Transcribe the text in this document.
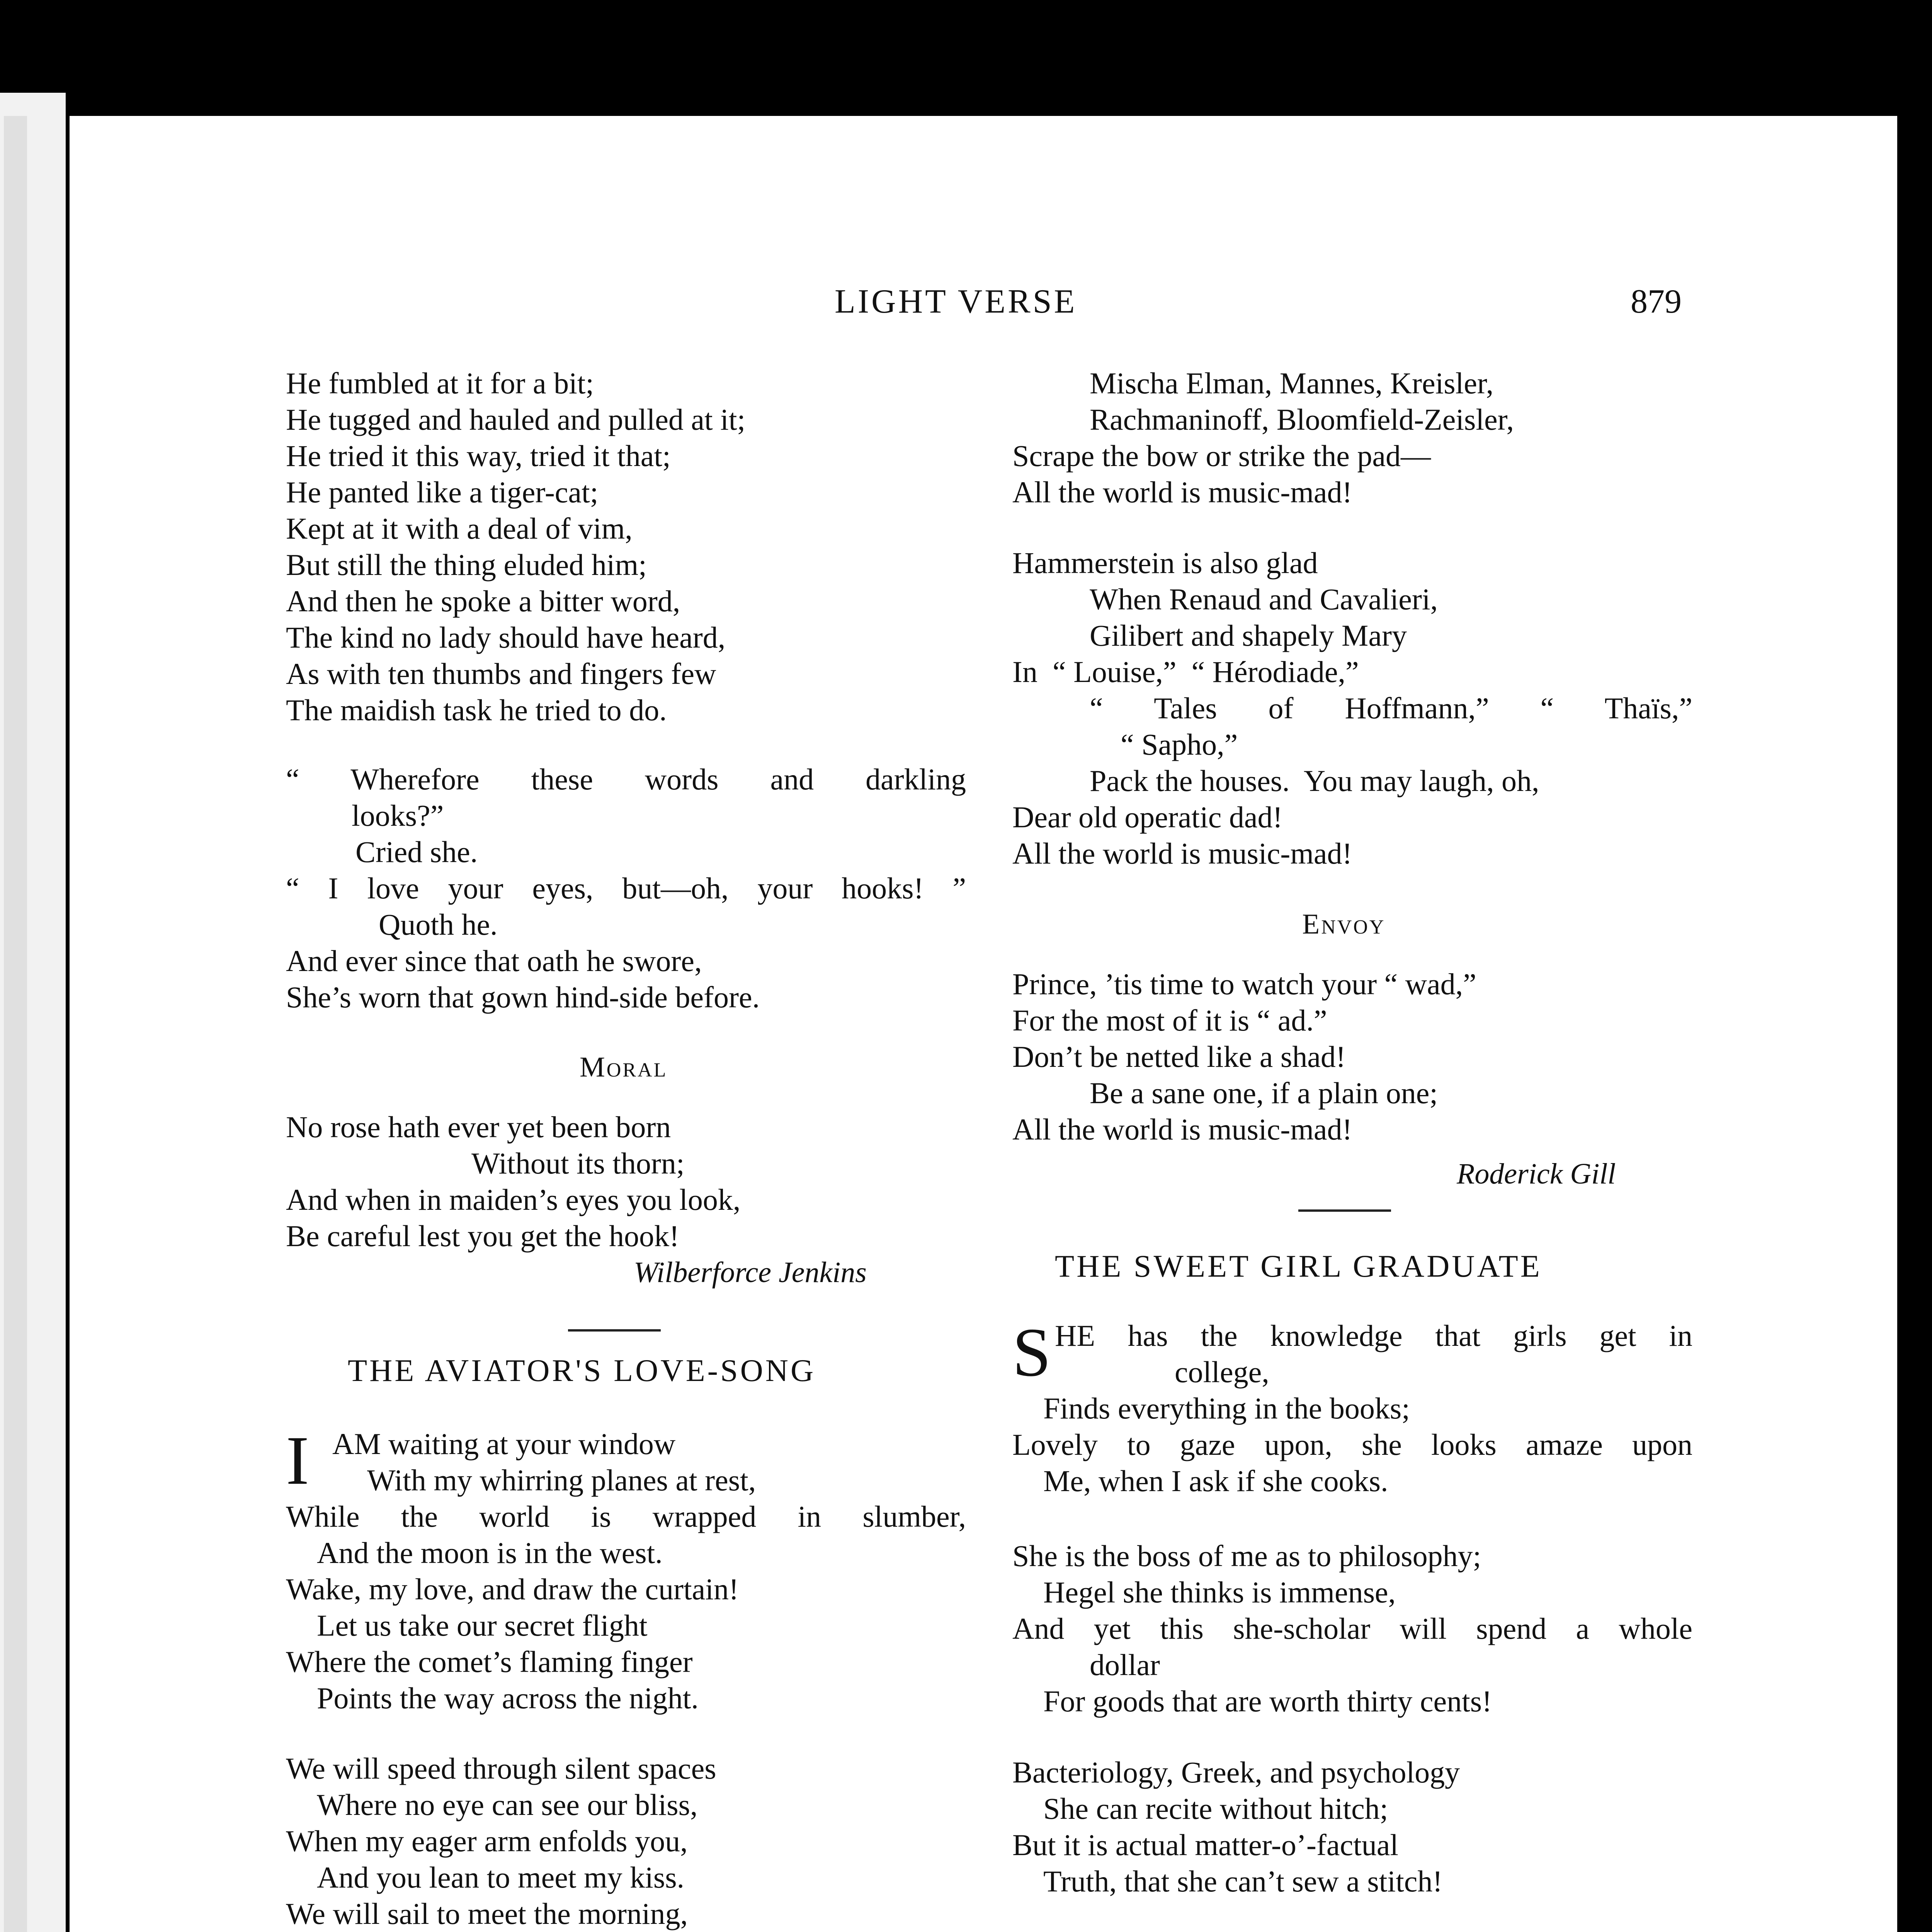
LIGHT VERSE	879
He fumbled at it for a bit;
He tugged and hauled and pulled at it;
He tried it this way, tried it that;
He panted like a tiger-cat;
Kept at it with a deal of vim,
But still the thing eluded him;
And then he spoke a bitter word,
The kind no lady should have heard,
As with ten thumbs and fingers few
The maidish task he tried to do.
“ Wherefore these words and darkling
looks?”
Cried she.
“ I love your eyes, but—oh, your hooks! ”
Quoth he.
And ever since that oath he swore,
She’s worn that gown hind-side before.
Moral
No rose hath ever yet been born
Without its thorn;
And when in maiden’s eyes you look,
Be careful lest you get the hook!
Wilberforce Jenkins
THE AVIATOR'S LOVE-SONG
I AM waiting at your window
With my whirring planes at rest,
While the world is wrapped in slumber,
And the moon is in the west.
Wake, my love, and draw the curtain!
Let us take our secret flight
Where the comet’s flaming finger
Points the way across the night.
We will speed through silent spaces
Where no eye can see our bliss,
When my eager arm enfolds you,
And you lean to meet my kiss.
We will sail to meet the morning,
Mischa Elman, Mannes, Kreisler,
Rachmaninoff, Bloomfield-Zeisler,
Scrape the bow or strike the pad—
All the world is music-mad!
Hammerstein is also glad
When Renaud and Cavalieri,
Gilibert and shapely Mary
In  “ Louise,”  “ Hérodiade,”
“ Tales of Hoffmann,” “ Thaïs,”
“ Sapho,”
Pack the houses.  You may laugh, oh,
Dear old operatic dad!
All the world is music-mad!
Envoy
Prince, ’tis time to watch your “ wad,”
For the most of it is “ ad.”
Don’t be netted like a shad!
Be a sane one, if a plain one;
All the world is music-mad!
Roderick Gill
THE SWEET GIRL GRADUATE
S HE has the knowledge that girls get in
college,
Finds everything in the books;
Lovely to gaze upon, she looks amaze upon
Me, when I ask if she cooks.
She is the boss of me as to philosophy;
Hegel she thinks is immense,
And yet this she-scholar will spend a whole
dollar
For goods that are worth thirty cents!
Bacteriology, Greek, and psychology
She can recite without hitch;
But it is actual matter-o’-factual
Truth, that she can’t sew a stitch!
